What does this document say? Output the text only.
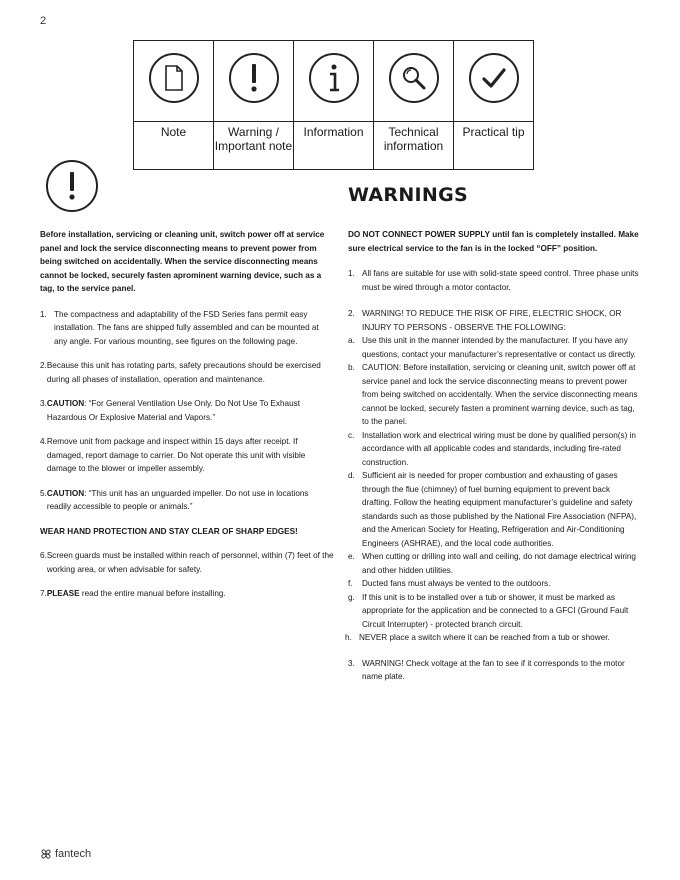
2

Note	Warning / Important note	Information	Technical information	Practical tip
WARNINGS

Before installation, servicing or cleaning unit, switch power off at service panel and lock the service disconnecting means to prevent power from being switched on accidentally. When the service disconnecting means cannot be locked, securely fasten aprominent warning device, such as a tag, to the service panel.

1. The compactness and adaptability of the FSD Series fans permit easy installation. The fans are shipped fully assembled and can be mounted at any angle. For various mounting, see figures on the following page.
2. Because this unit has rotating parts, safety precautions should be exercised during all phases of installation, operation and maintenance.
3. CAUTION: “For General Ventilation Use Only. Do Not Use To Exhaust Hazardous Or Explosive Material and Vapors.”
4. Remove unit from package and inspect within 15 days after receipt. If damaged, report damage to carrier. Do Not operate this unit with visible damage to the blower or impeller assembly.
5. CAUTION: “This unit has an unguarded impeller. Do not use in locations readily accessible to people or animals.”

WEAR HAND PROTECTION AND STAY CLEAR OF SHARP EDGES!

6. Screen guards must be installed within reach of personnel, within (7) feet of the working area, or when advisable for safety.
7. PLEASE read the entire manual before installing.

DO NOT CONNECT POWER SUPPLY until fan is completely installed. Make sure electrical service to the fan is in the locked “OFF” position.

1. All fans are suitable for use with solid-state speed control. Three phase units must be wired through a motor contactor.
2. WARNING! TO REDUCE THE RISK OF FIRE, ELECTRIC SHOCK, OR INJURY TO PERSONS - OBSERVE THE FOLLOWING:
a. Use this unit in the manner intended by the manufacturer. If you have any questions, contact your manufacturer’s representative or contact us directly.
b. CAUTION: Before installation, servicing or cleaning unit, switch power off at service panel and lock the service disconnecting means to prevent power from being switched on accidentally. When the service disconnecting means cannot be locked, securely fasten a prominent warning device, such as tag, to the panel.
c. Installation work and electrical wiring must be done by qualified person(s) in accordance with all applicable codes and standards, including fire-rated construction.
d. Sufficient air is needed for proper combustion and exhausting of gases through the flue (chimney) of fuel burning equipment to prevent back drafting. Follow the heating equipment manufacturer’s guideline and safety standards such as those published by the National Fire Association (NFPA), and the American Society for Heating, Refrigeration and Air-Conditioning Engineers (ASHRAE), and the local code authorities.
e. When cutting or drilling into wall and ceiling, do not damage electrical wiring and other hidden utilities.
f.	Ducted fans must always be vented to the outdoors.
g. If this unit is to be installed over a tub or shower, it must be marked as appropriate for the application and be connected to a GFCI (Ground Fault Circuit Interrupter) - protected branch circuit.
h. NEVER place a switch where it can be reached from a tub or shower.
3. WARNING! Check voltage at the fan to see if it corresponds to the motor name plate.
fantech
